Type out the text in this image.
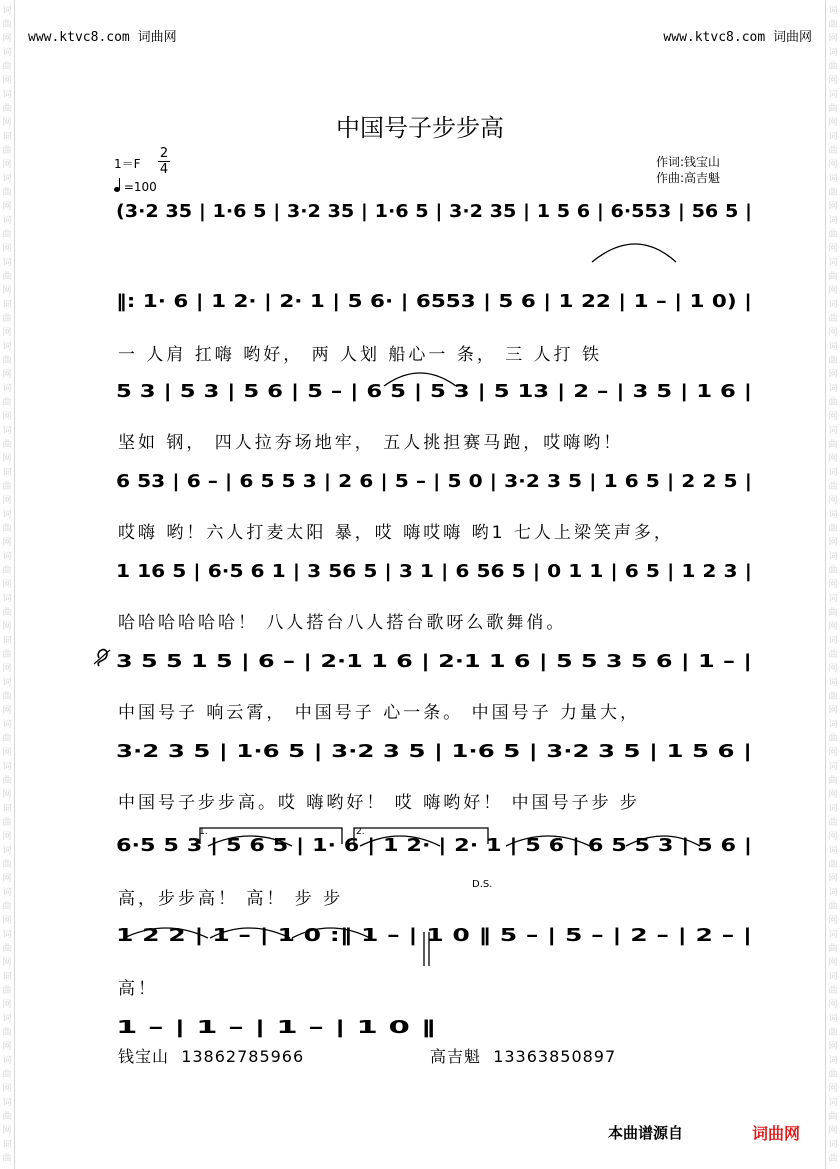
词
曲
网
词
曲
网
词
曲
网
词
曲
网
词
曲
网
词
曲
网
词
曲
网
词
曲
网
词
曲
网
词
曲
网
词
曲
网
词
曲
网
词
曲
网
词
曲
网
词
曲
网
词
曲
网
词
曲
网
词
曲
网
词
曲
网
词
曲
网
词
曲
网
词
曲
网
词
曲
网
词
曲
网
词
曲
网
词
曲
网
词
曲
网
词
曲
词
曲
网
词
曲
网
词
曲
网
词
曲
网
词
曲
网
词
曲
网
词
曲
网
词
曲
网
词
曲
网
词
曲
网
词
曲
网
词
曲
网
词
曲
网
词
曲
网
词
曲
网
词
曲
网
词
曲
网
词
曲
网
词
曲
网
词
曲
网
词
曲
网
词
曲
网
词
曲
网
词
曲
网
词
曲
网
词
曲
网
词
曲
网
词
曲
www.ktvc8.com 词曲网	www.ktvc8.com 词曲网
中国号子步步高
$1=F \frac{2}{4}$
=100
作词:钱宝山
作曲:高吉魁
(3·2 35 | 1·6 5 | 3·2 35 | 1·6 5 | 3·2 35 | 1 5 6 | 6·553 | 56 5 |
‖: 1· 6 | 1 2· | 2· 1 | 5 6· | 6553 | 5 6 | 1 22 | 1 – | 1 0) |
5 3 | 5 3 | 5 6 | 5 – | 6 5 | 5 3 | 5 13 | 2 – | 3 5 | 1 6 |
6 53 | 6 – | 6 5 5 3 | 2 6 | 5 – | 5 0 | 3·2 3 5 | 1 6 5 | 2 2 5 |
1 16 5 | 6·5 6 1 | 3 56 5 | 3 1 | 6 56 5 | 0 1 1 | 6 5 | 1 2 3 |
3 5 5 1 5 | 6 – | 2·1 1 6 | 2·1 1 6 | 5 5 3 5 6 | 1 – |
3·2 3 5 | 1·6 5 | 3·2 3 5 | 1·6 5 | 3·2 3 5 | 1 5 6 |
6·5 5 3 | 5 6 5 | 1· 6 | 1 2· | 2· 1 | 5 6 | 6 5 5 3 | 5 6 |
1 2 2 | 1 – | 1 0 :‖ 1 – | 1 0 ‖ 5 – | 5 – | 2 – | 2 – |
1 – | 1 – | 1 – | 1 0 ‖
一 人肩 扛嗨 哟好， 两 人划 船心一 条， 三 人打 铁
坚如 钢， 四人拉夯场地牢， 五人挑担赛马跑，哎嗨哟！
哎嗨 哟！六人打麦太阳 暴，哎 嗨哎嗨 哟1 七人上梁笑声多，
哈哈哈哈哈哈！ 八人搭台八人搭台歌呀么歌舞俏。
中国号子 响云霄， 中国号子 心一条。 中国号子 力量大，
中国号子步步高。哎 嗨哟好！ 哎 嗨哟好！ 中国号子步 步
高，步步高！ 高！ 步 步
高！
1.	2.
D.S.
钱宝山 13862785966	高吉魁 13363850897
本曲谱源自	词曲网
